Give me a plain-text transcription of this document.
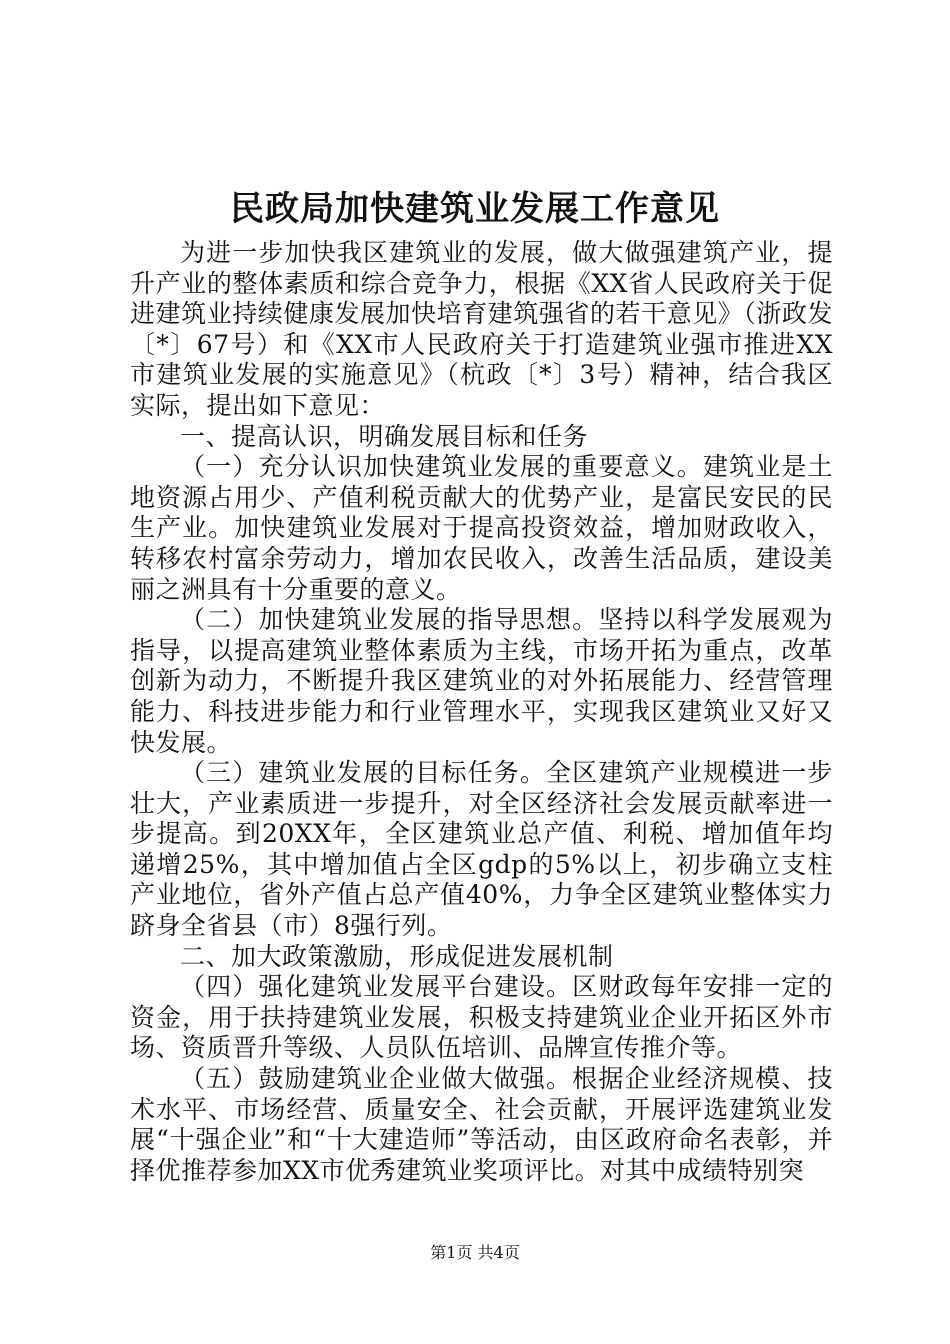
民政局加快建筑业发展工作意见

为进一步加快我区建筑业的发展，做大做强建筑产业，提升产业的整体素质和综合竞争力，根据《XX省人民政府关于促进建筑业持续健康发展加快培育建筑强省的若干意见》（浙政发〔*〕67号）和《XX市人民政府关于打造建筑业强市推进XX市建筑业发展的实施意见》（杭政〔*〕3号）精神，结合我区实际，提出如下意见：

一、提高认识，明确发展目标和任务

（一）充分认识加快建筑业发展的重要意义。建筑业是土地资源占用少、产值利税贡献大的优势产业，是富民安民的民生产业。加快建筑业发展对于提高投资效益，增加财政收入，转移农村富余劳动力，增加农民收入，改善生活品质，建设美丽之洲具有十分重要的意义。

（二）加快建筑业发展的指导思想。坚持以科学发展观为指导，以提高建筑业整体素质为主线，市场开拓为重点，改革创新为动力，不断提升我区建筑业的对外拓展能力、经营管理能力、科技进步能力和行业管理水平，实现我区建筑业又好又快发展。

（三）建筑业发展的目标任务。全区建筑产业规模进一步壮大，产业素质进一步提升，对全区经济社会发展贡献率进一步提高。到20XX年，全区建筑业总产值、利税、增加值年均递增25%，其中增加值占全区gdp的5%以上，初步确立支柱产业地位，省外产值占总产值40%，力争全区建筑业整体实力跻身全省县（市）8强行列。

二、加大政策激励，形成促进发展机制

（四）强化建筑业发展平台建设。区财政每年安排一定的资金，用于扶持建筑业发展，积极支持建筑业企业开拓区外市场、资质晋升等级、人员队伍培训、品牌宣传推介等。

（五）鼓励建筑业企业做大做强。根据企业经济规模、技术水平、市场经营、质量安全、社会贡献，开展评选建筑业发展“十强企业”和“十大建造师”等活动，由区政府命名表彰，并择优推荐参加XX市优秀建筑业奖项评比。对其中成绩特别突

第1页 共4页
